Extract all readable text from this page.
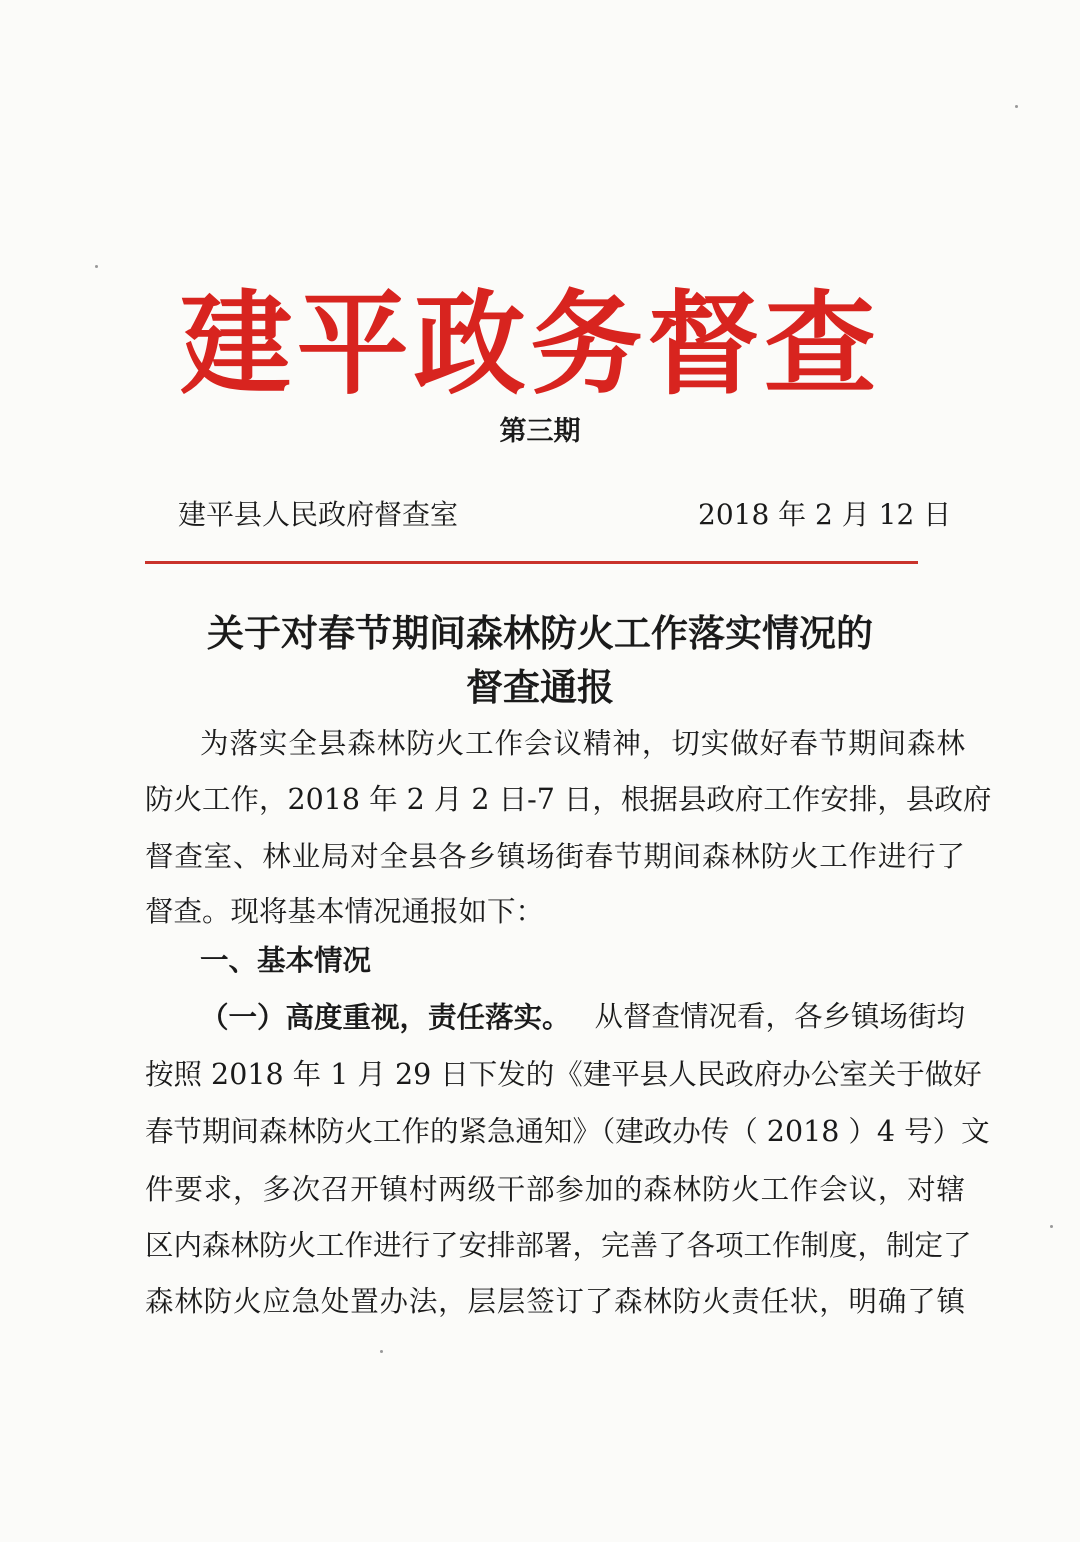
建平政务督查
第三期
建平县人民政府督查室	2018 年 2 月 12 日
关于对春节期间森林防火工作落实情况的
督查通报
为落实全县森林防火工作会议精神，切实做好春节期间森林
防火工作，2018 年 2 月 2 日-7 日，根据县政府工作安排，县政府
督查室、林业局对全县各乡镇场街春节期间森林防火工作进行了
督查。现将基本情况通报如下：
一、基本情况
（一）高度重视，责任落实。 从督查情况看，各乡镇场街均
按照 2018 年 1 月 29 日下发的《建平县人民政府办公室关于做好
春节期间森林防火工作的紧急通知》（建政办传（ 2018 ）4 号）文
件要求，多次召开镇村两级干部参加的森林防火工作会议，对辖
区内森林防火工作进行了安排部署，完善了各项工作制度，制定了
森林防火应急处置办法，层层签订了森林防火责任状，明确了镇
